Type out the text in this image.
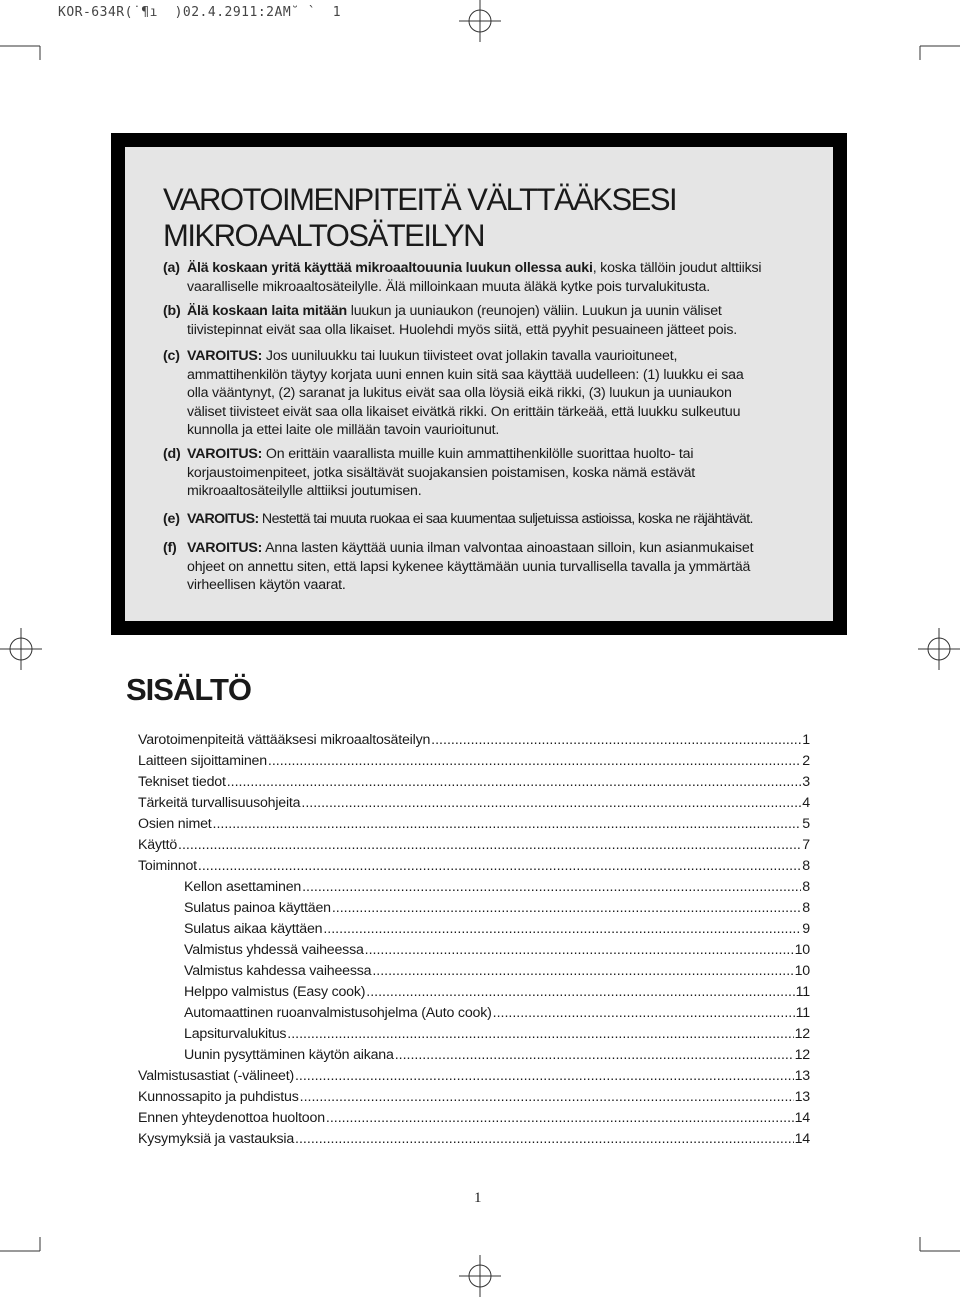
KOR-634R(˙¶ı  )02.4.2911:2AM˘ `  1
VAROTOIMENPITEITÄ VÄLTTÄÄKSESI
MIKROAALTOSÄTEILYN
(a) Älä koskaan yritä käyttää mikroaaltouunia luukun ollessa auki, koska tällöin joudut alttiiksi
vaaralliselle mikroaaltosäteilylle. Älä milloinkaan muuta äläkä kytke pois turvalukitusta.
(b) Älä koskaan laita mitään luukun ja uuniaukon (reunojen) väliin. Luukun ja uunin väliset
tiivistepinnat eivät saa olla likaiset. Huolehdi myös siitä, että pyyhit pesuaineen jätteet pois.
(c) VAROITUS: Jos uuniluukku tai luukun tiivisteet ovat jollakin tavalla vaurioituneet,
ammattihenkilön täytyy korjata uuni ennen kuin sitä saa käyttää uudelleen: (1) luukku ei saa
olla vääntynyt, (2) saranat ja lukitus eivät saa olla löysiä eikä rikki, (3) luukun ja uuniaukon
väliset tiivisteet eivät saa olla likaiset eivätkä rikki. On erittäin tärkeää, että luukku sulkeutuu
kunnolla ja ettei laite ole millään tavoin vaurioitunut.
(d) VAROITUS: On erittäin vaarallista muille kuin ammattihenkilölle suorittaa huolto- tai
korjaustoimenpiteet, jotka sisältävät suojakansien poistamisen, koska nämä estävät
mikroaaltosäteilylle alttiiksi joutumisen.
(e) VAROITUS: Nestettä tai muuta ruokaa ei saa kuumentaa suljetuissa astioissa, koska ne räjähtävät.
(f) VAROITUS: Anna lasten käyttää uunia ilman valvontaa ainoastaan silloin, kun asianmukaiset
ohjeet on annettu siten, että lapsi kykenee käyttämään uunia turvallisella tavalla ja ymmärtää
virheellisen käytön vaarat.
SISÄLTÖ
Varotoimenpiteitä vättääksesi mikroaaltosäteilyn .....	1
Laitteen sijoittaminen .....	2
Tekniset tiedot .....	3
Tärkeitä turvallisuusohjeita .....	4
Osien nimet .....	5
Käyttö .....	7
Toiminnot .....	8
Kellon asettaminen .....	8
Sulatus painoa käyttäen .....	8
Sulatus aikaa käyttäen .....	9
Valmistus yhdessä vaiheessa .....	10
Valmistus kahdessa vaiheessa .....	10
Helppo valmistus (Easy cook) .....	11
Automaattinen ruoanvalmistusohjelma (Auto cook) .....	11
Lapsiturvalukitus .....	12
Uunin pysyttäminen käytön aikana .....	12
Valmistusastiat (-välineet) .....	13
Kunnossapito ja puhdistus .....	13
Ennen yhteydenottoa huoltoon .....	14
Kysymyksiä ja vastauksia .....	14
1
